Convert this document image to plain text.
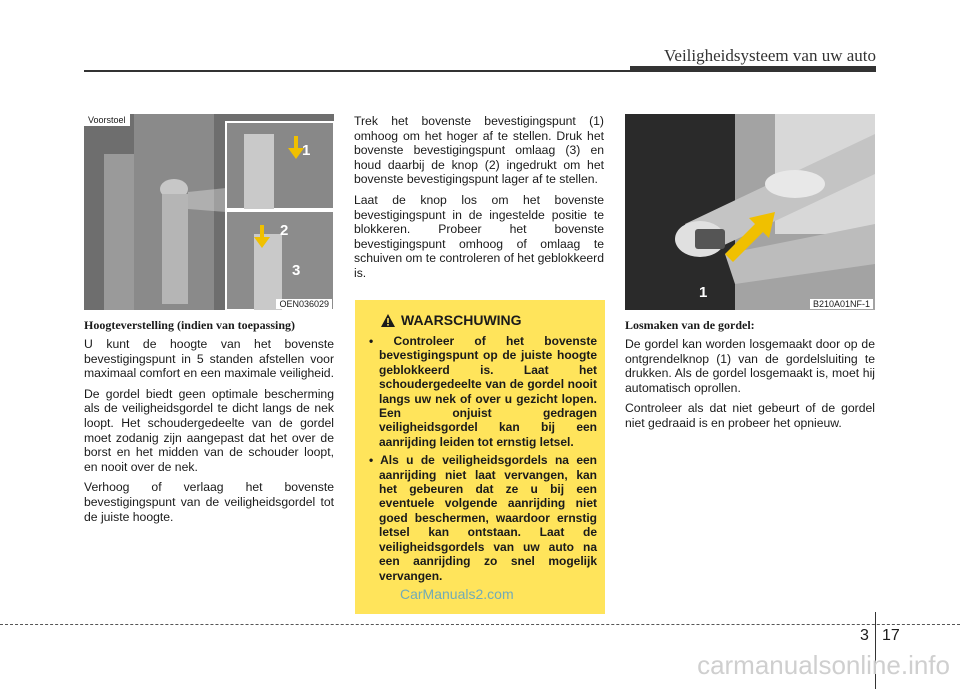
Veiligheidsysteem van uw auto
Voorstoel
1
2
3
OEN036029
Hoogteverstelling (indien van toepassing)

U kunt de hoogte van het bovenste bevestigingspunt in 5 standen afstellen voor maximaal comfort en een maximale veiligheid.

De gordel biedt geen optimale bescherming als de veiligheidsgordel te dicht langs de nek loopt. Het schoudergedeelte van de gordel moet zodanig zijn aangepast dat het over de borst en het midden van de schouder loopt, en nooit over de nek.

Verhoog of verlaag het bovenste bevestigingspunt van de veiligheidsgordel tot de juiste hoogte.

Trek het bovenste bevestigingspunt (1) omhoog om het hoger af te stellen. Druk het bovenste bevestigingspunt omlaag (3) en houd daarbij de knop (2) ingedrukt om het bovenste bevestigingspunt lager af te stellen.

Laat de knop los om het bovenste bevestigingspunt in de ingestelde positie te blokkeren. Probeer het bovenste bevestigingspunt omhoog of omlaag te schuiven om te controleren of het geblokkeerd is.

WAARSCHUWING
• Controleer of het bovenste bevestigingspunt op de juiste hoogte geblokkeerd is. Laat het schoudergedeelte van de gordel nooit langs uw nek of over u gezicht lopen. Een onjuist gedragen veiligheidsgordel kan bij een aanrijding leiden tot ernstig letsel.
• Als u de veiligheidsgordels na een aanrijding niet laat vervangen, kan het gebeuren dat ze u bij een eventuele volgende aanrijding niet goed beschermen, waardoor ernstig letsel kan ontstaan. Laat de veiligheidsgordels van uw auto na een aanrijding zo snel mogelijk vervangen.
1
B210A01NF-1
Losmaken van de gordel:

De gordel kan worden losgemaakt door op de ontgrendelknop (1) van de gordelsluiting te drukken. Als de gordel losgemaakt is, moet hij automatisch oprollen.

Controleer als dat niet gebeurt of de gordel niet gedraaid is en probeer het opnieuw.

CarManuals2.com
3 17
carmanualsonline.info
